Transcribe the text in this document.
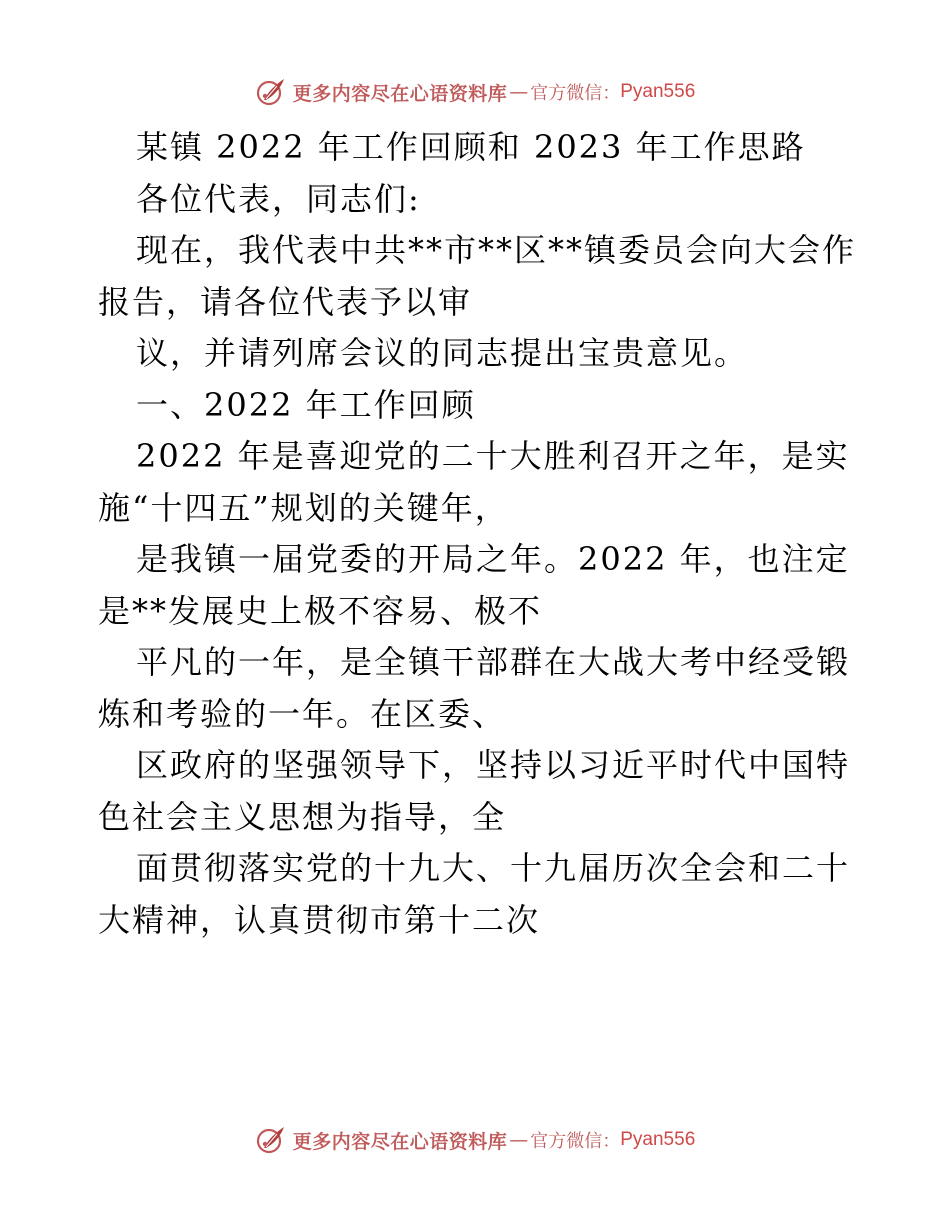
更多内容尽在心语资料库 — 官方微信： Pyan556

某镇 2022 年工作回顾和 2023 年工作思路

各位代表，同志们:

现在，我代表中共**市**区**镇委员会向大会作

报告，请各位代表予以审

议，并请列席会议的同志提出宝贵意见。

一、2022 年工作回顾

2022 年是喜迎党的二十大胜利召开之年，是实

施“十四五”规划的关键年，

是我镇一届党委的开局之年。2022 年，也注定

是**发展史上极不容易、极不

平凡的一年，是全镇干部群在大战大考中经受锻

炼和考验的一年。在区委、

区政府的坚强领导下，坚持以习近平时代中国特

色社会主义思想为指导，全

面贯彻落实党的十九大、十九届历次全会和二十

大精神，认真贯彻市第十二次

更多内容尽在心语资料库 — 官方微信： Pyan556
